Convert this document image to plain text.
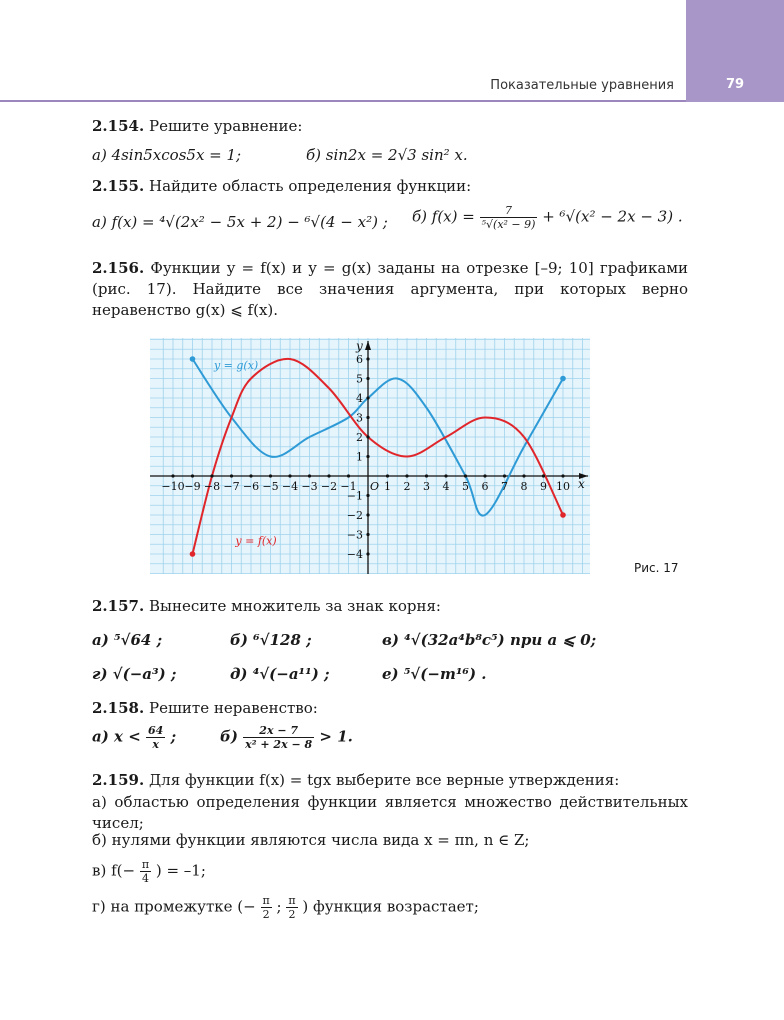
Показательные уравнения	79
2.154. Решите уравнение:
а) 4sin5xcos5x = 1;	б) sin2x = 2√3 sin² x.
2.155. Найдите область определения функции:
а) f(x) = ⁴√(2x² − 5x + 2) − ⁶√(4 − x²) ; б) $f(x) = \frac{7}{\text{⁵√(x² − 9)}} + ^6√(x^2 - 2x - 3)$ .
2.156. Функции y = f(x) и y = g(x) заданы на отрезке [–9; 10] графиками (рис. 17). Найдите все значения аргумента, при которых верно неравенство g(x) ⩽ f(x).
y = g(x)
y = f(x)
−10 −9 −8 −7 −6 −5 −4 −3 −2 −1 1 2 3 4 5 6 7 8 9 10
6
5
4
3
2
1
−1
−2
−3
−4
O	x
y
Рис. 17
2.157. Вынесите множитель за знак корня:
а) ⁵√64 ;	б) ⁶√128 ;	в) ⁴√(32a⁴b⁸c⁵) при a ⩽ 0;
г) √(−a³) ;	д) ⁴√(−a¹¹) ;	е) ⁵√(−m¹⁶) .
2.158. Решите неравенство:
а) $x < \frac{64}{x}$ ;	$б) \frac{2x - 7}{\text{x² + 2x − 8}} > 1$.
2.159. Для функции f(x) = tgx выберите все верные утверждения:
а) областью определения функции является множество действительных чисел;
б) нулями функции являются числа вида x = πn, n ∈ Z;
в) $f(- \frac{\pi}{4}$ ) = –1;
г) на промежутке (− $\frac{\pi}{2}$ ; $\frac{\pi}{2}$ ) функция возрастает;
